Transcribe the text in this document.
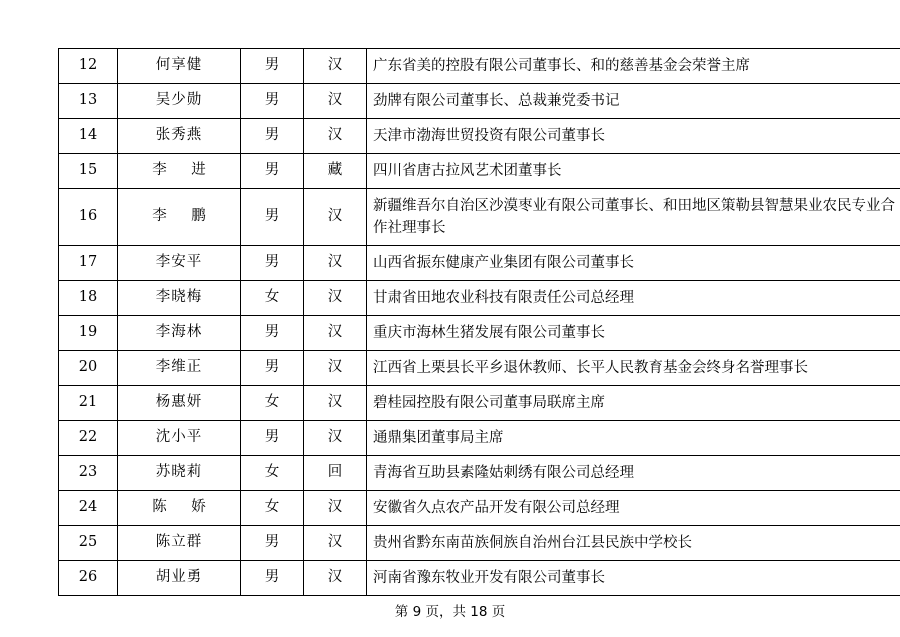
12	何享健	男	汉	广东省美的控股有限公司董事长、和的慈善基金会荣誉主席

13	吴少勋	男	汉	劲牌有限公司董事长、总裁兼党委书记

14	张秀燕	男	汉	天津市渤海世贸投资有限公司董事长

15	李 进	男	藏	四川省唐古拉风艺术团董事长

16	李 鹏	男	汉	新疆维吾尔自治区沙漠枣业有限公司董事长、和田地区策勒县智慧果业农民专业合作社理事长

17	李安平	男	汉	山西省振东健康产业集团有限公司董事长

18	李晓梅	女	汉	甘肃省田地农业科技有限责任公司总经理

19	李海林	男	汉	重庆市海林生猪发展有限公司董事长

20	李维正	男	汉	江西省上栗县长平乡退休教师、长平人民教育基金会终身名誉理事长

21	杨惠妍	女	汉	碧桂园控股有限公司董事局联席主席

22	沈小平	男	汉	通鼎集团董事局主席

23	苏晓莉	女	回	青海省互助县素隆姑刺绣有限公司总经理

24	陈 娇	女	汉	安徽省久点农产品开发有限公司总经理

25	陈立群	男	汉	贵州省黔东南苗族侗族自治州台江县民族中学校长

26	胡业勇	男	汉	河南省豫东牧业开发有限公司董事长
第 9 页，共 18 页
